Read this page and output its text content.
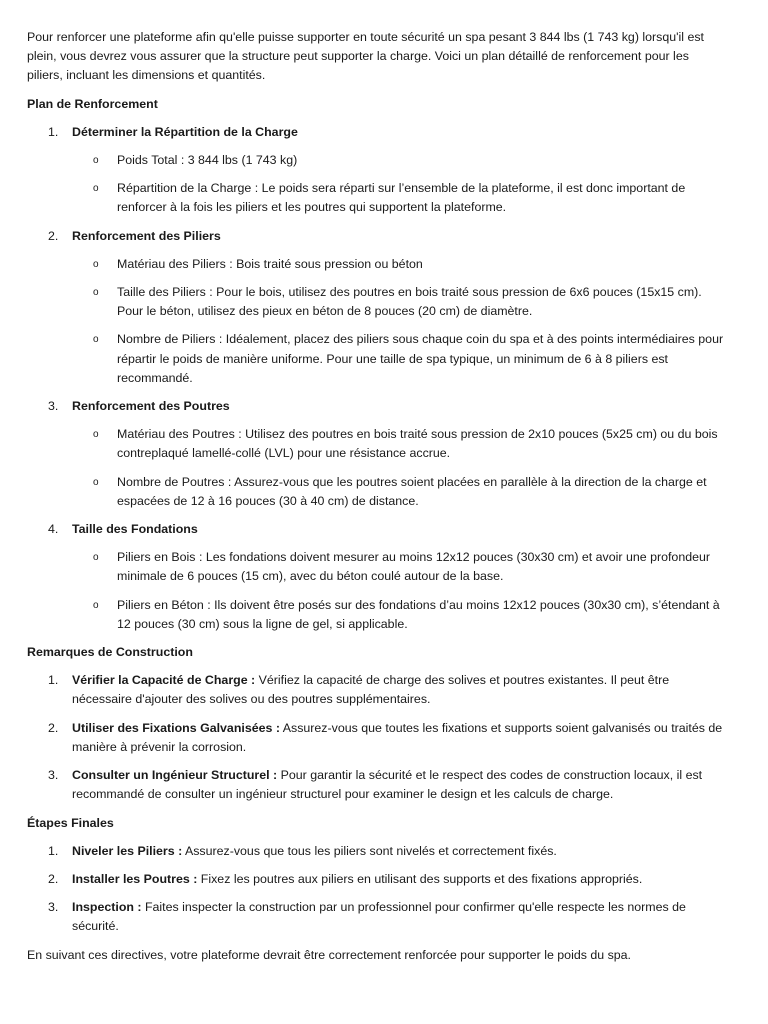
Pour renforcer une plateforme afin qu'elle puisse supporter en toute sécurité un spa pesant 3 844 lbs (1 743 kg) lorsqu'il est plein, vous devrez vous assurer que la structure peut supporter la charge. Voici un plan détaillé de renforcement pour les piliers, incluant les dimensions et quantités.

Plan de Renforcement

1. Déterminer la Répartition de la Charge
o Poids Total : 3 844 lbs (1 743 kg)
o Répartition de la Charge : Le poids sera réparti sur l’ensemble de la plateforme, il est donc important de renforcer à la fois les piliers et les poutres qui supportent la plateforme.
2. Renforcement des Piliers
o Matériau des Piliers : Bois traité sous pression ou béton
o Taille des Piliers : Pour le bois, utilisez des poutres en bois traité sous pression de 6x6 pouces (15x15 cm). Pour le béton, utilisez des pieux en béton de 8 pouces (20 cm) de diamètre.
o Nombre de Piliers : Idéalement, placez des piliers sous chaque coin du spa et à des points intermédiaires pour répartir le poids de manière uniforme. Pour une taille de spa typique, un minimum de 6 à 8 piliers est recommandé.
3. Renforcement des Poutres
o Matériau des Poutres : Utilisez des poutres en bois traité sous pression de 2x10 pouces (5x25 cm) ou du bois contreplaqué lamellé-collé (LVL) pour une résistance accrue.
o Nombre de Poutres : Assurez-vous que les poutres soient placées en parallèle à la direction de la charge et espacées de 12 à 16 pouces (30 à 40 cm) de distance.
4. Taille des Fondations
o Piliers en Bois : Les fondations doivent mesurer au moins 12x12 pouces (30x30 cm) et avoir une profondeur minimale de 6 pouces (15 cm), avec du béton coulé autour de la base.
o Piliers en Béton : Ils doivent être posés sur des fondations d’au moins 12x12 pouces (30x30 cm), s’étendant à 12 pouces (30 cm) sous la ligne de gel, si applicable.

Remarques de Construction

1. Vérifier la Capacité de Charge : Vérifiez la capacité de charge des solives et poutres existantes. Il peut être nécessaire d'ajouter des solives ou des poutres supplémentaires.
2. Utiliser des Fixations Galvanisées : Assurez-vous que toutes les fixations et supports soient galvanisés ou traités de manière à prévenir la corrosion.
3. Consulter un Ingénieur Structurel : Pour garantir la sécurité et le respect des codes de construction locaux, il est recommandé de consulter un ingénieur structurel pour examiner le design et les calculs de charge.

Étapes Finales

1. Niveler les Piliers : Assurez-vous que tous les piliers sont nivelés et correctement fixés.
2. Installer les Poutres : Fixez les poutres aux piliers en utilisant des supports et des fixations appropriés.
3. Inspection : Faites inspecter la construction par un professionnel pour confirmer qu'elle respecte les normes de sécurité.

En suivant ces directives, votre plateforme devrait être correctement renforcée pour supporter le poids du spa.
